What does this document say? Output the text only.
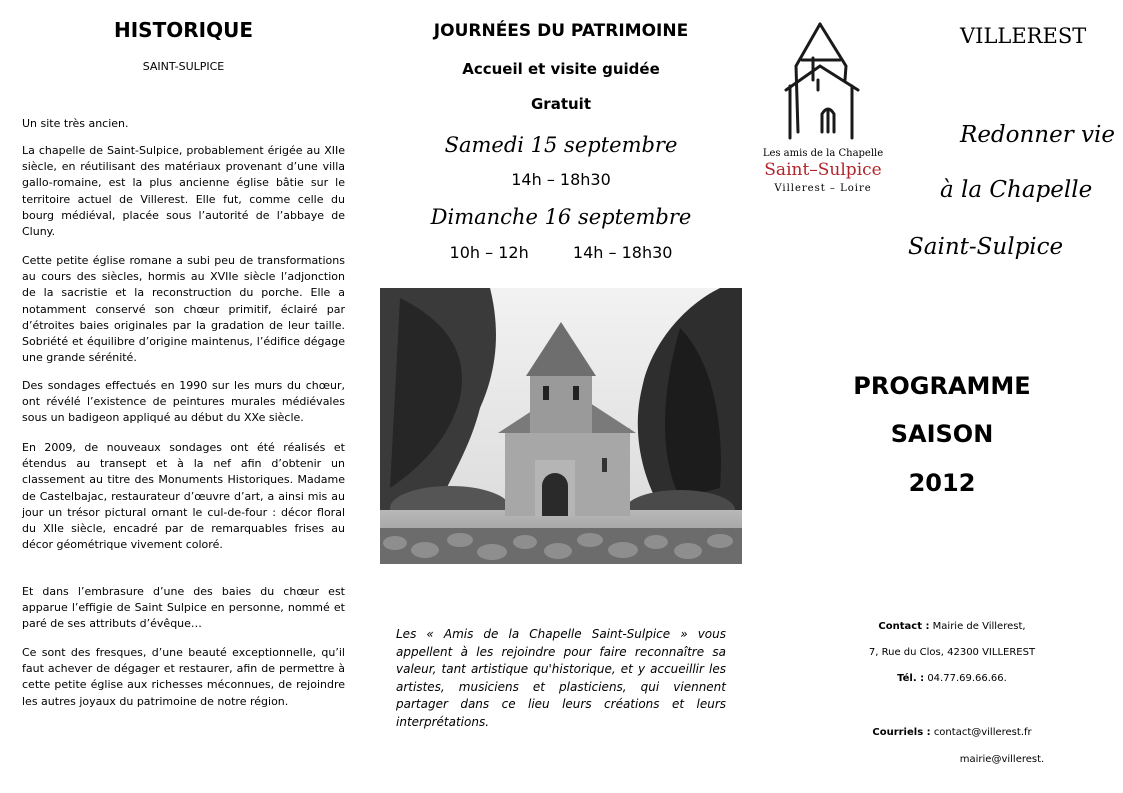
HISTORIQUE
SAINT-SULPICE

Un site très ancien.

La chapelle de Saint-Sulpice, probablement érigée au XIIe siècle, en réutilisant des matériaux provenant d’une villa gallo-romaine, est la plus ancienne église bâtie sur le territoire actuel de Villerest. Elle fut, comme celle du bourg médiéval, placée sous l’autorité de l’abbaye de Cluny.

Cette petite église romane a subi peu de transformations au cours des siècles, hormis au XVIIe siècle l’adjonction de la sacristie et la reconstruction du porche. Elle a notamment conservé son chœur primitif, éclairé par d’étroites baies originales par la gradation de leur taille. Sobriété et équilibre d’origine maintenus, l’édifice dégage une grande sérénité.

Des sondages effectués en 1990 sur les murs du chœur, ont révélé l’existence de peintures murales médiévales sous un badigeon appliqué au début du XXe siècle.

En 2009, de nouveaux sondages ont été réalisés et étendus au transept et à la nef afin d’obtenir un classement au titre des Monuments Historiques. Madame de Castelbajac, restaurateur d’œuvre d’art, a ainsi mis au jour un trésor pictural ornant le cul-de-four : décor floral du XIIe siècle, encadré par de remarquables frises au décor géométrique vivement coloré.

Et dans l’embrasure d’une des baies du chœur est apparue l’effigie de Saint Sulpice en personne, nommé et paré de ses attributs d’évêque…

Ce sont des fresques, d’une beauté exceptionnelle, qu’il faut achever de dégager et restaurer, afin de permettre à cette petite église aux richesses méconnues, de rejoindre les autres joyaux du patrimoine de notre région.

JOURNÉES DU PATRIMOINE
Accueil et visite guidée
Gratuit
Samedi 15 septembre
14h – 18h30
Dimanche 16 septembre
10h – 12h	14h – 18h30

Les « Amis de la Chapelle Saint-Sulpice » vous appellent à les rejoindre pour faire reconnaître sa valeur, tant artistique qu'historique, et y accueillir les artistes, musiciens et plasticiens, qui viennent partager dans ce lieu leurs créations et leurs interprétations.

Les amis de la Chapelle
Saint–Sulpice
Villerest – Loire
VILLEREST
Redonner vie
à la Chapelle
Saint-Sulpice
PROGRAMME
SAISON
2012
Contact : Mairie de Villerest,
7, Rue du Clos, 42300 VILLEREST
Tél. : 04.77.69.66.66.
Courriels : contact@villerest.fr
mairie@villerest.
